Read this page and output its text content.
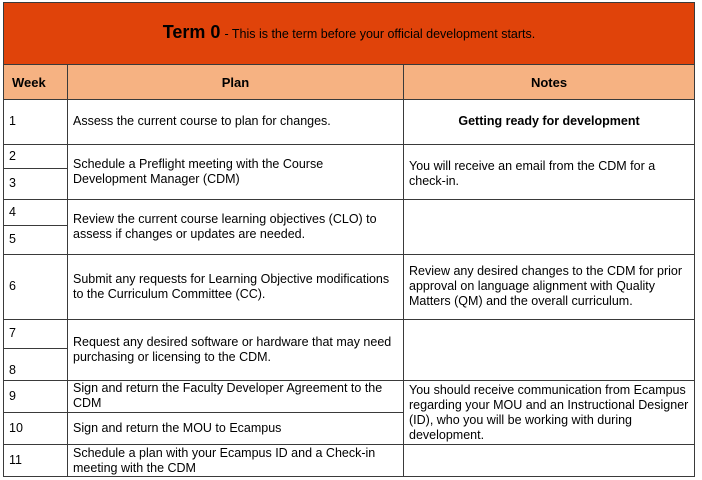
Term 0 - This is the term before your official development starts.		
Week	Plan	Notes
1	Assess the current course to plan for changes.	Getting ready for development
2	Schedule a Preflight meeting with the Course Development Manager (CDM)	You will receive an email from the CDM for a check-in.
3		
4	Review the current course learning objectives (CLO) to assess if changes or updates are needed.	
5		
6	Submit any requests for Learning Objective modifications to the Curriculum Committee (CC).	Review any desired changes to the CDM for prior approval on language alignment with Quality Matters (QM) and the overall curriculum.
7	Request any desired software or hardware that may need purchasing or licensing to the CDM.	
8		
9	Sign and return the Faculty Developer Agreement to the CDM	You should receive communication from Ecampus regarding your MOU and an Instructional Designer (ID), who you will be working with during development.
10	Sign and return the MOU to Ecampus	
11	Schedule a plan with your Ecampus ID and a Check-in meeting with the CDM	
